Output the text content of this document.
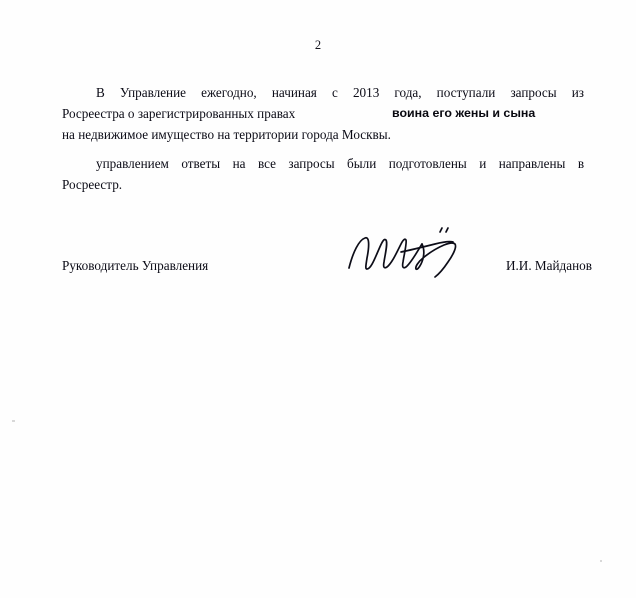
2

В Управление ежегодно, начиная с 2013 года, поступали запросы из
Росреестра о зарегистрированных правах
на недвижимое имущество на территории города Москвы.
воина его жены и сына

управлением ответы на все запросы были подготовлены и направлены в
Росреестр.

Руководитель Управления	И.И. Майданов
